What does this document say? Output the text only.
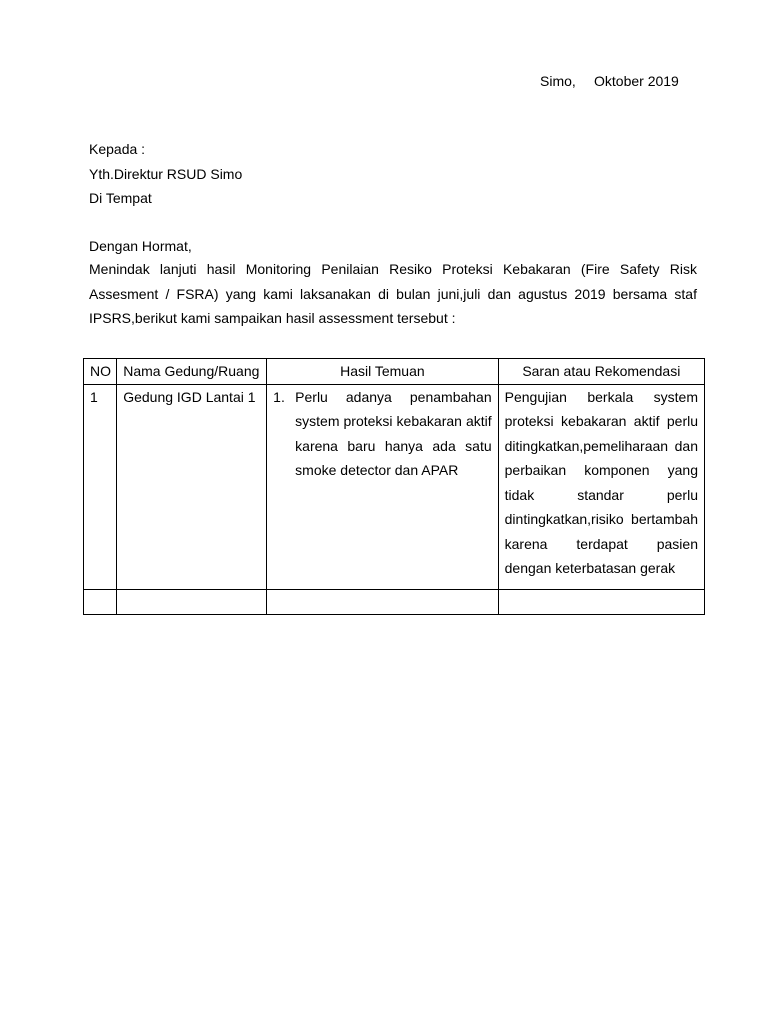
Simo, Oktober 2019
Kepada :
Yth.Direktur RSUD Simo
Di Tempat
Dengan Hormat,
Menindak lanjuti hasil Monitoring Penilaian Resiko Proteksi Kebakaran (Fire Safety Risk Assesment / FSRA) yang kami laksanakan di bulan juni,juli dan agustus 2019 bersama staf IPSRS,berikut kami sampaikan hasil assessment tersebut :
NO	Nama Gedung/Ruang	Hasil Temuan	Saran atau Rekomendasi
1	Gedung IGD Lantai 1	1. Perlu adanya penambahan system proteksi kebakaran aktif karena baru hanya ada satu smoke detector dan APAR	Pengujian berkala system proteksi kebakaran aktif perlu ditingkatkan,pemeliharaan dan perbaikan komponen yang tidak standar perlu dintingkatkan,risiko bertambah karena terdapat pasien dengan keterbatasan gerak
